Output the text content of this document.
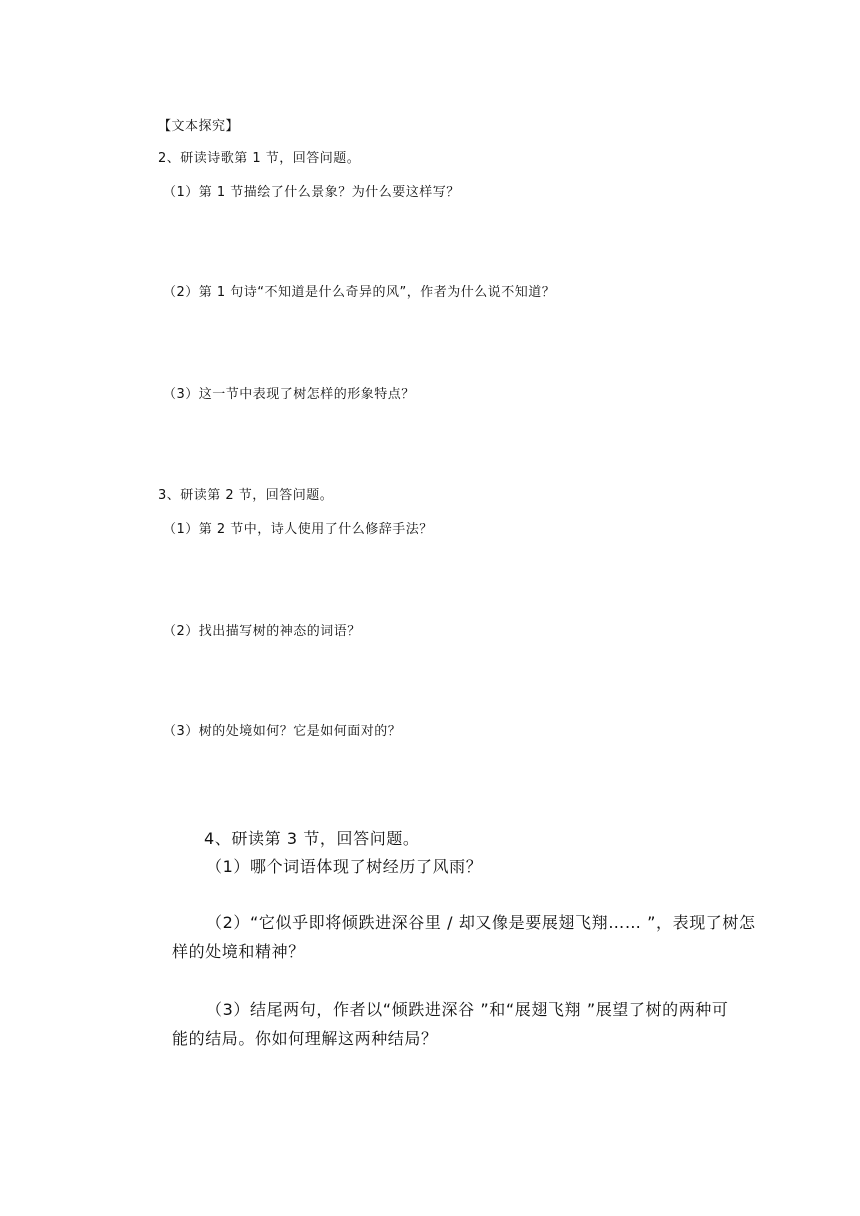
【文本探究】

2、研读诗歌第 1 节，回答问题。

（1）第 1 节描绘了什么景象？为什么要这样写？

（2）第 1 句诗“不知道是什么奇异的风”，作者为什么说不知道？

（3）这一节中表现了树怎样的形象特点？

3、研读第 2 节，回答问题。

（1）第 2 节中，诗人使用了什么修辞手法？

（2）找出描写树的神态的词语？

（3）树的处境如何？它是如何面对的？

4、研读第 3 节，回答问题。

（1）哪个词语体现了树经历了风雨？

（2）“它似乎即将倾跌进深谷里 / 却又像是要展翅飞翔…… ”，表现了树怎

样的处境和精神？

（3）结尾两句，作者以“倾跌进深谷 ”和“展翅飞翔 ”展望了树的两种可

能的结局。你如何理解这两种结局？
